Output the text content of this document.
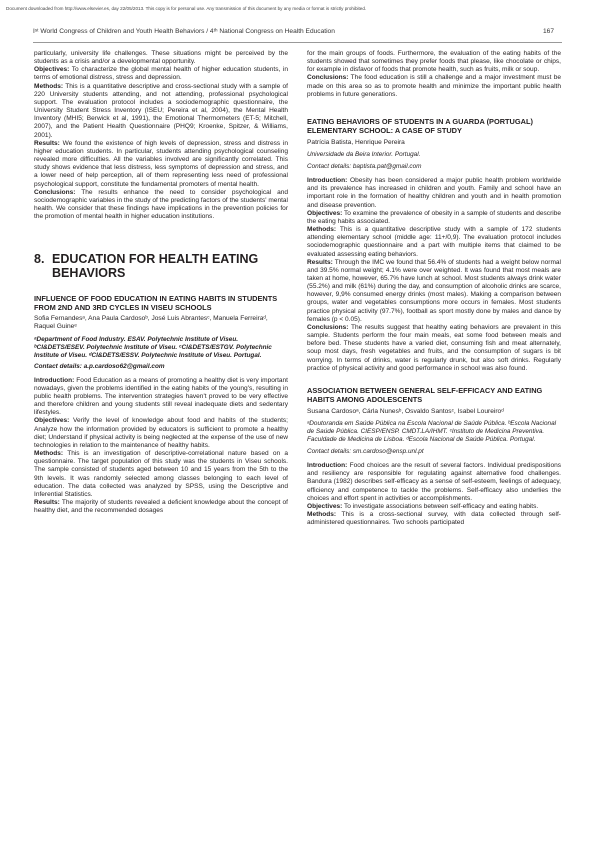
Document downloaded from http://www.elsevier.es, day 22/05/2013. This copy is for personal use. Any transmission of this document by any media or format is strictly prohibited.
Iˢᵗ World Congress of Children and Youth Health Behaviors / 4ᵗʰ National Congress on Health Education	167

particularly, university life challenges. These situations might be perceived by the students as a crisis and/or a developmental opportunity.

Objectives: To characterize the global mental health of higher education students, in terms of emotional distress, stress and depression.

Methods: This is a quantitative descriptive and cross-sectional study with a sample of 220 University students attending, and not attending, professional psychological support. The evaluation protocol includes a sociodemographic questionnaire, the University Student Stress Inventory (ISEU; Pereira et al, 2004), the Mental Health Inventory (MHI5; Berwick et al, 1991), the Emotional Thermometers (ET-5; Mitchell, 2007), and the Patient Health Questionnaire (PHQ9; Kroenke, Spitzer, & Williams, 2001).

Results: We found the existence of high levels of depression, stress and distress in higher education students. In particular, students attending psychological counseling revealed more difficulties. All the variables involved are significantly correlated. This study shows evidence that less distress, less symptoms of depression and stress, and a lower need of help perception, all of them representing less need of professional psychological support, constitute the fundamental promoters of mental health.

Conclusions: The results enhance the need to consider psychological and sociodemographic variables in the study of the predicting factors of the students' mental health. We consider that these findings have implications in the prevention policies for the promotion of mental health in higher education institutions.

8. EDUCATION FOR HEALTH EATING
BEHAVIORS

INFLUENCE OF FOOD EDUCATION IN EATING HABITS IN STUDENTS FROM 2ND AND 3RD CYCLES IN VISEU SCHOOLS

Sofia Fernandesᵃ, Ana Paula Cardosoᵇ, José Luis Abrantesᶜ, Manuela Ferreiraᵈ, Raquel Guineᵉ

ᵃDepartment of Food Industry. ESAV. Polytechnic Institute of Viseu. ᵇCI&DETS/ESEV. Polytechnic Institute of Viseu. ᶜCI&DETS/ESTGV. Polytechnic Institute of Viseu. ᵈCI&DETS/ESSV. Polytechnic Institute of Viseu. Portugal.

Contact details: a.p.cardoso62@gmail.com

Introduction: Food Education as a means of promoting a healthy diet is very important nowadays, given the problems identified in the eating habits of the young's, resulting in public health problems. The intervention strategies haven't proved to be very effective and therefore children and young students still reveal inadequate diets and sedentary lifestyles.

Objectives: Verify the level of knowledge about food and habits of the students; Analyze how the information provided by educators is sufficient to promote a healthy diet; Understand if physical activity is being neglected at the expense of the use of new technologies in relation to the maintenance of healthy habits.

Methods: This is an investigation of descriptive-correlational nature based on a questionnaire. The target population of this study was the students in Viseu schools. The sample consisted of students aged between 10 and 15 years from the 5th to the 9th levels. It was randomly selected among classes belonging to each level of education. The data collected was analyzed by SPSS, using the Descriptive and Inferential Statistics.

Results: The majority of students revealed a deficient knowledge about the concept of healthy diet, and the recommended dosages

for the main groups of foods. Furthermore, the evaluation of the eating habits of the students showed that sometimes they prefer foods that please, like chocolate or chips, for example in disfavor of foods that promote health, such as fruits, milk or soup.

Conclusions: The food education is still a challenge and a major investment must be made on this area so as to promote health and minimize the important public health problems in future generations.

EATING BEHAVIORS OF STUDENTS IN A GUARDA (PORTUGAL) ELEMENTARY SCHOOL: A CASE OF STUDY

Patrícia Batista, Henrique Pereira

Universidade da Beira Interior. Portugal.

Contact details: baptista.pat@gmail.com

Introduction: Obesity has been considered a major public health problem worldwide and its prevalence has increased in children and youth. Family and school have an important role in the formation of healthy children and youth and in health promotion and disease prevention.

Objectives: To examine the prevalence of obesity in a sample of students and describe the eating habits associated.

Methods: This is a quantitative descriptive study with a sample of 172 students attending elementary school (middle age: 11+/0,9). The evaluation protocol includes sociodemographic questionnaire and a part with multiple items that claimed to be evaluated assessing eating behaviors.

Results: Through the IMC we found that 56.4% of students had a weight below normal and 39.5% normal weight; 4.1% were over weighted. It was found that most meals are taken at home, however, 65.7% have lunch at school. Most students always drink water (55.2%) and milk (61%) during the day, and consumption of alcoholic drinks are scarce, however, 9,9% consumed energy drinks (most males). Making a comparison between groups, water and vegetables consumptions more occurs in females. Most students practice physical activity (97.7%), football as sport mostly done by males and dance by females (p < 0.05).

Conclusions: The results suggest that healthy eating behaviors are prevalent in this sample. Students perform the four main meals, eat some food between meals and before bed. These students have a varied diet, consuming fish and meat alternately, soup most days, fresh vegetables and fruits, and the consumption of sugars is bit worrying. In terms of drinks, water is regularly drunk, but also soft drinks. Regularly practice of physical activity and good performance in school was also found.

ASSOCIATION BETWEEN GENERAL SELF-EFFICACY AND EATING HABITS AMONG ADOLESCENTS

Susana Cardosoᵃ, Cárla Nunesᵇ, Osvaldo Santosᶜ, Isabel Loureiroᵈ

ᵃDoutoranda em Saúde Pública na Escola Nacional de Saúde Pública. ᵇEscola Nacional de Saúde Pública. CIESP/ENSP. CMDT.LA/IHMT. ᶜInstituto de Medicina Preventiva. Faculdade de Medicina de Lisboa. ᵈEscola Nacional de Saúde Pública. Portugal.

Contact details: sm.cardoso@ensp.unl.pt

Introduction: Food choices are the result of several factors. Individual predispositions and resiliency are responsible for regulating against alternative food challenges. Bandura (1982) describes self-efficacy as a sense of self-esteem, feelings of adequacy, efficiency and competence to tackle the problems. Self-efficacy also underlies the choices and effort spent in activities or accomplishments.

Objectives: To investigate associations between self-efficacy and eating habits.

Methods: This is a cross-sectional survey, with data collected through self-administered questionnaires. Two schools participated
